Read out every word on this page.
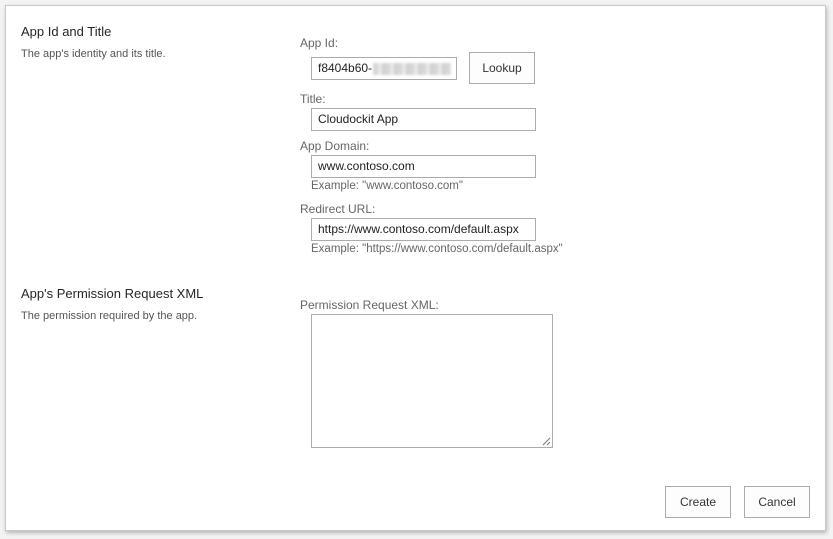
App Id and Title
The app's identity and its title.
App Id:
f8404b60-	Lookup
Title:
Cloudockit App
App Domain:
www.contoso.com
Example: "www.contoso.com"
Redirect URL:
https://www.contoso.com/default.aspx
Example: "https://www.contoso.com/default.aspx"
App's Permission Request XML
The permission required by the app.
Permission Request XML:
Create	Cancel
